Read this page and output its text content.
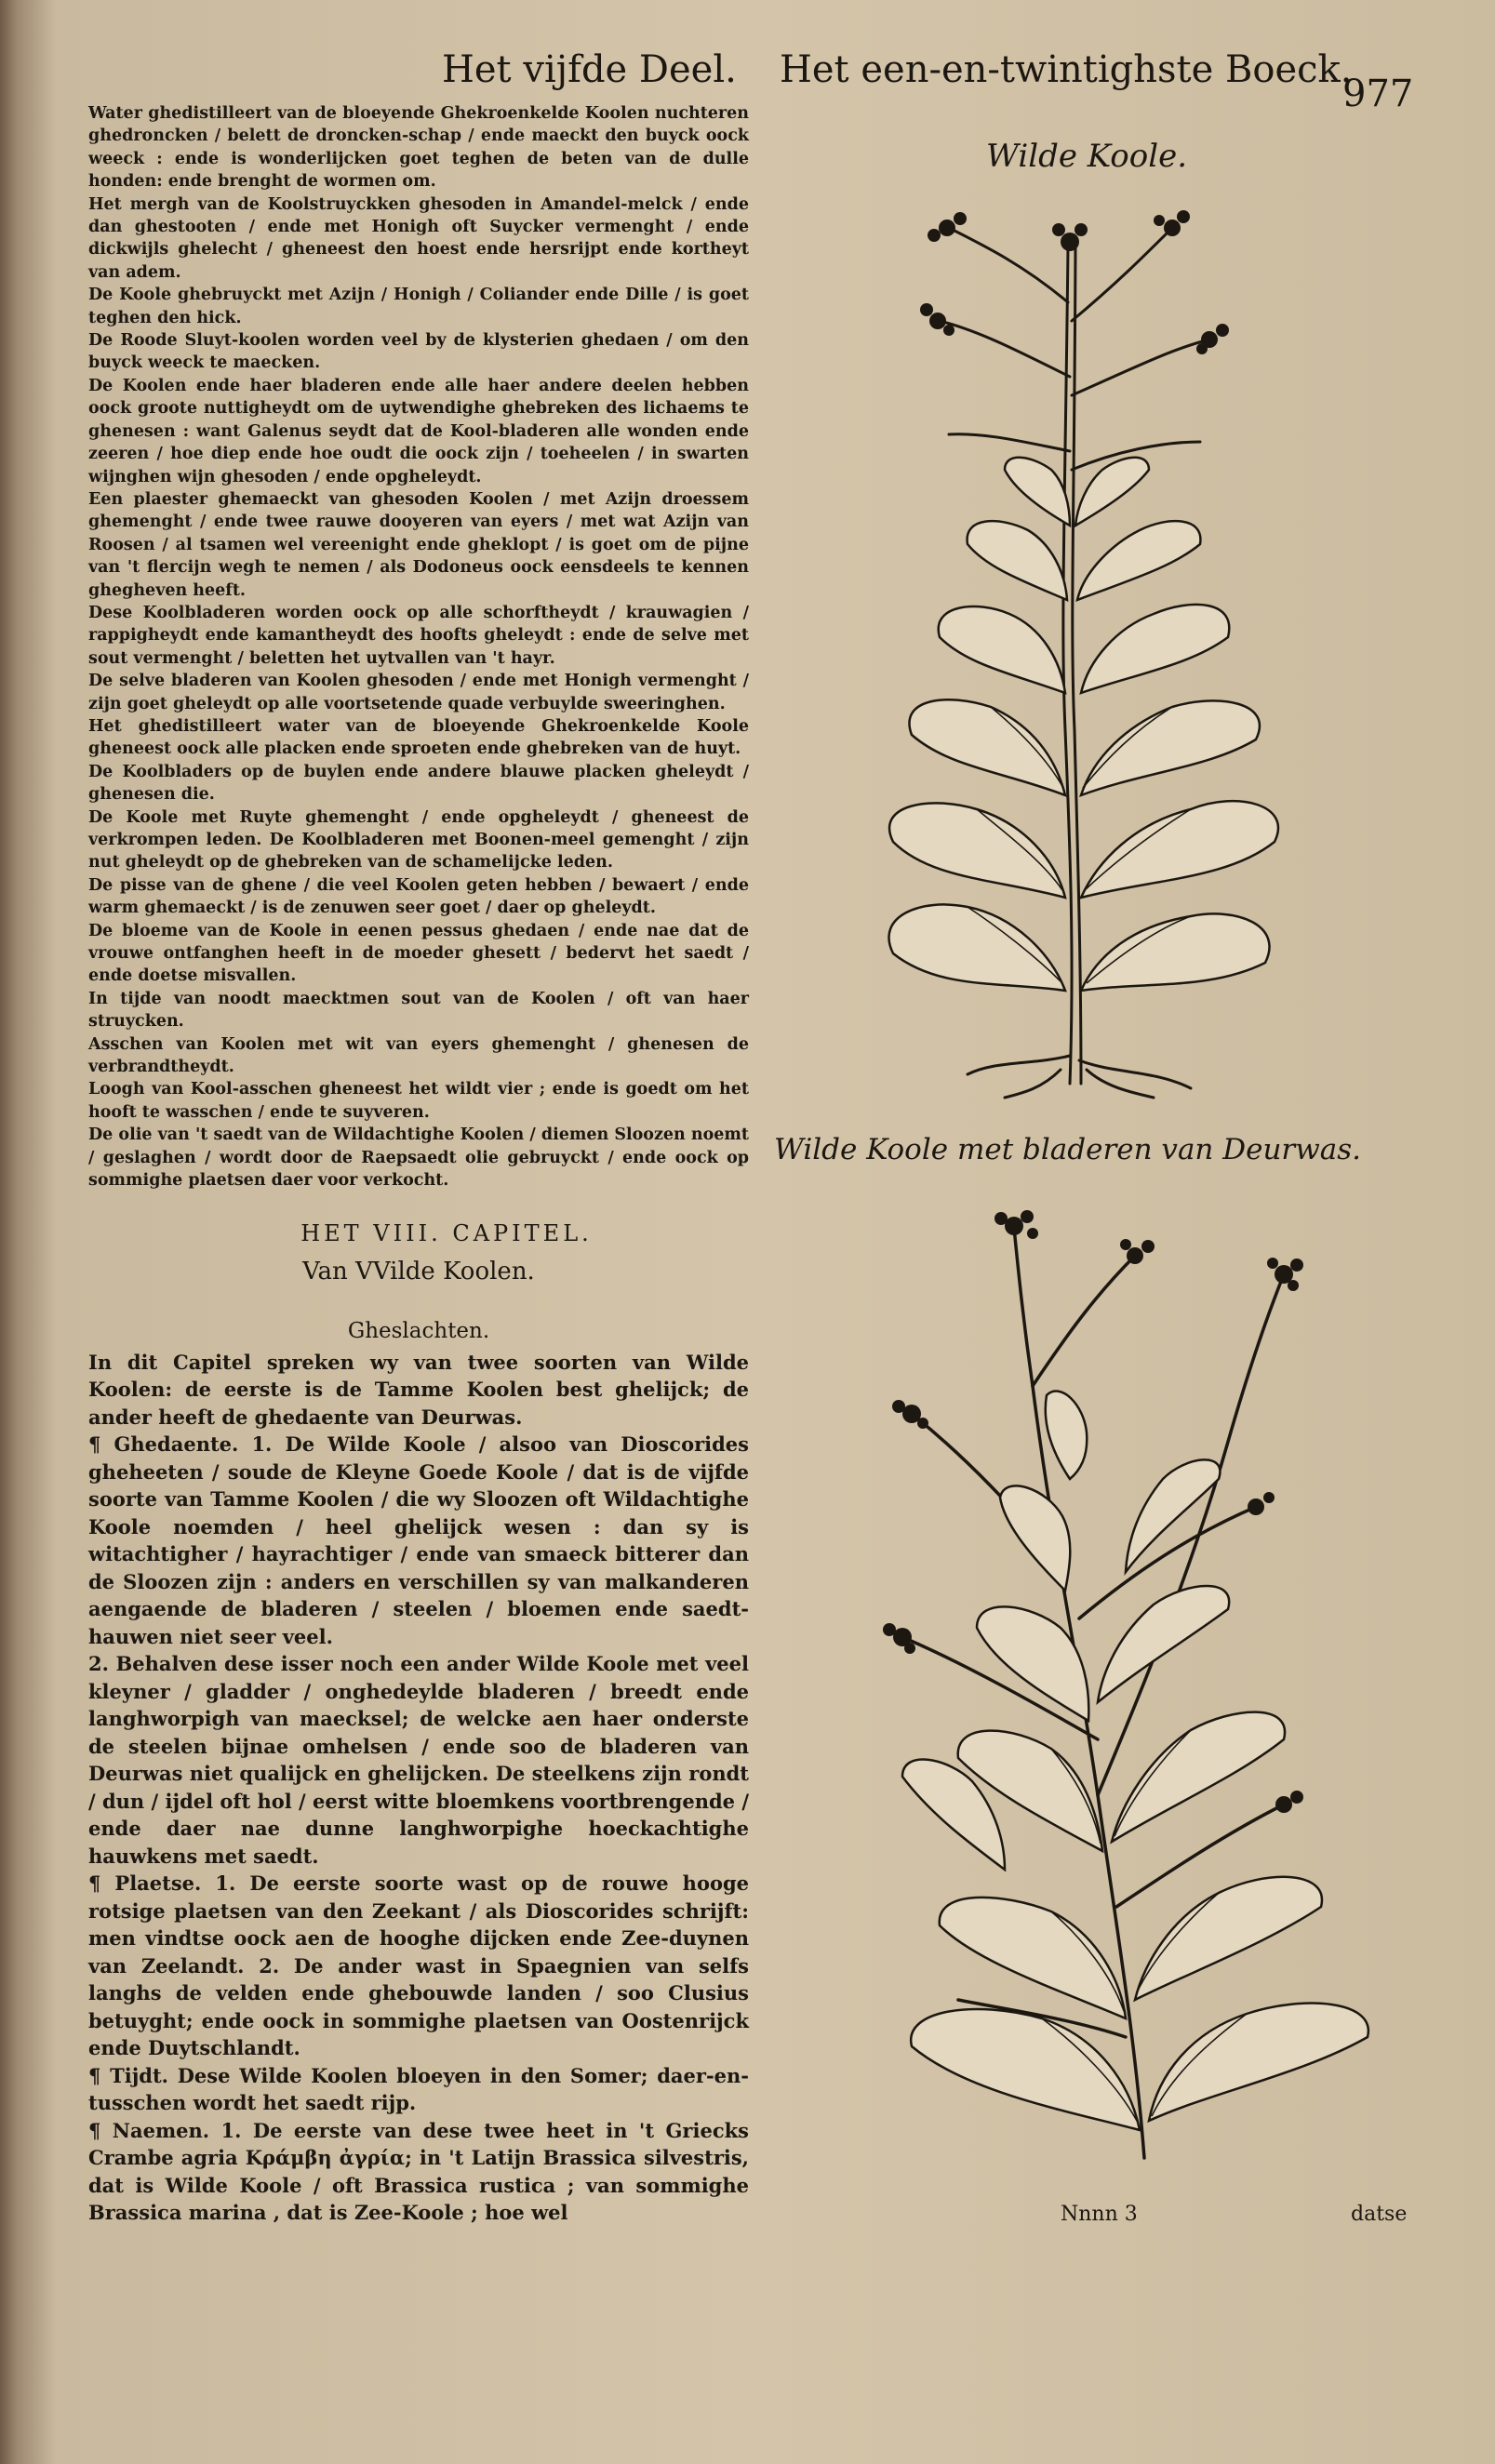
Het vijfde Deel. Het een-en-twintighste Boeck.
977

Water ghedistilleert van de bloeyende Ghekroenkelde Koolen nuchteren ghedroncken / belett de droncken-schap / ende maeckt den buyck oock weeck : ende is wonderlijcken goet teghen de beten van de dulle honden: ende brenght de wormen om.

Het mergh van de Koolstruyckken ghesoden in Amandel-melck / ende dan ghestooten / ende met Honigh oft Suycker vermenght / ende dickwijls ghelecht / gheneest den hoest ende hersrijpt ende kortheyt van adem.

De Koole ghebruyckt met Azijn / Honigh / Coliander ende Dille / is goet teghen den hick.

De Roode Sluyt-koolen worden veel by de klysterien ghedaen / om den buyck weeck te maecken.

De Koolen ende haer bladeren ende alle haer andere deelen hebben oock groote nuttigheydt om de uytwendighe ghebreken des lichaems te ghenesen : want Galenus seydt dat de Kool-bladeren alle wonden ende zeeren / hoe diep ende hoe oudt die oock zijn / toeheelen / in swarten wijnghen wijn ghesoden / ende opgheleydt.

Een plaester ghemaeckt van ghesoden Koolen / met Azijn droessem ghemenght / ende twee rauwe dooyeren van eyers / met wat Azijn van Roosen / al tsamen wel vereenight ende gheklopt / is goet om de pijne van 't flercijn wegh te nemen / als Dodoneus oock eensdeels te kennen ghegheven heeft.

Dese Koolbladeren worden oock op alle schorftheydt / krauwagien / rappigheydt ende kamantheydt des hoofts gheleydt : ende de selve met sout vermenght / beletten het uytvallen van 't hayr.

De selve bladeren van Koolen ghesoden / ende met Honigh vermenght / zijn goet gheleydt op alle voortsetende quade verbuylde sweeringhen.

Het ghedistilleert water van de bloeyende Ghekroenkelde Koole gheneest oock alle placken ende sproeten ende ghebreken van de huyt.

De Koolbladers op de buylen ende andere blauwe placken gheleydt / ghenesen die.

De Koole met Ruyte ghemenght / ende opgheleydt / gheneest de verkrompen leden. De Koolbladeren met Boonen-meel gemenght / zijn nut gheleydt op de ghebreken van de schamelijcke leden.

De pisse van de ghene / die veel Koolen geten hebben / bewaert / ende warm ghemaeckt / is de zenuwen seer goet / daer op gheleydt.

De bloeme van de Koole in eenen pessus ghedaen / ende nae dat de vrouwe ontfanghen heeft in de moeder ghesett / bedervt het saedt / ende doetse misvallen.

In tijde van noodt maecktmen sout van de Koolen / oft van haer struycken.

Asschen van Koolen met wit van eyers ghemenght / ghenesen de verbrandtheydt.

Loogh van Kool-asschen gheneest het wildt vier ; ende is goedt om het hooft te wasschen / ende te suyveren.

De olie van 't saedt van de Wildachtighe Koolen / diemen Sloozen noemt / geslaghen / wordt door de Raepsaedt olie gebruyckt / ende oock op sommighe plaetsen daer voor verkocht.

HET VIII. CAPITEL.
Van VVilde Koolen.
Gheslachten.

In dit Capitel spreken wy van twee soorten van Wilde Koolen: de eerste is de Tamme Koolen best ghelijck; de ander heeft de ghedaente van Deurwas.

¶ Ghedaente. 1. De Wilde Koole / alsoo van Dioscorides gheheeten / soude de Kleyne Goede Koole / dat is de vijfde soorte van Tamme Koolen / die wy Sloozen oft Wildachtighe Koole noemden / heel ghelijck wesen : dan sy is witachtigher / hayrachtiger / ende van smaeck bitterer dan de Sloozen zijn : anders en verschillen sy van malkanderen aengaende de bladeren / steelen / bloemen ende saedt-hauwen niet seer veel.

2. Behalven dese isser noch een ander Wilde Koole met veel kleyner / gladder / onghedeylde bladeren / breedt ende langhworpigh van maecksel; de welcke aen haer onderste de steelen bijnae omhelsen / ende soo de bladeren van Deurwas niet qualijck en ghelijcken. De steelkens zijn rondt / dun / ijdel oft hol / eerst witte bloemkens voortbrengende / ende daer nae dunne langhworpighe hoeckachtighe hauwkens met saedt.

¶ Plaetse. 1. De eerste soorte wast op de rouwe hooge rotsige plaetsen van den Zeekant / als Dioscorides schrijft: men vindtse oock aen de hooghe dijcken ende Zee-duynen van Zeelandt. 2. De ander wast in Spaegnien van selfs langhs de velden ende ghebouwde landen / soo Clusius betuyght; ende oock in sommighe plaetsen van Oostenrijck ende Duytschlandt.

¶ Tijdt. Dese Wilde Koolen bloeyen in den Somer; daer-en-tusschen wordt het saedt rijp.

¶ Naemen. 1. De eerste van dese twee heet in 't Griecks Crambe agria Κράμβη ἀγρία; in 't Latijn Brassica silvestris, dat is Wilde Koole / oft Brassica rustica ; van sommighe Brassica marina , dat is Zee-Koole ; hoe wel

Wilde Koole.
Wilde Koole met bladeren van Deurwas.
Nnnn 3	datse
